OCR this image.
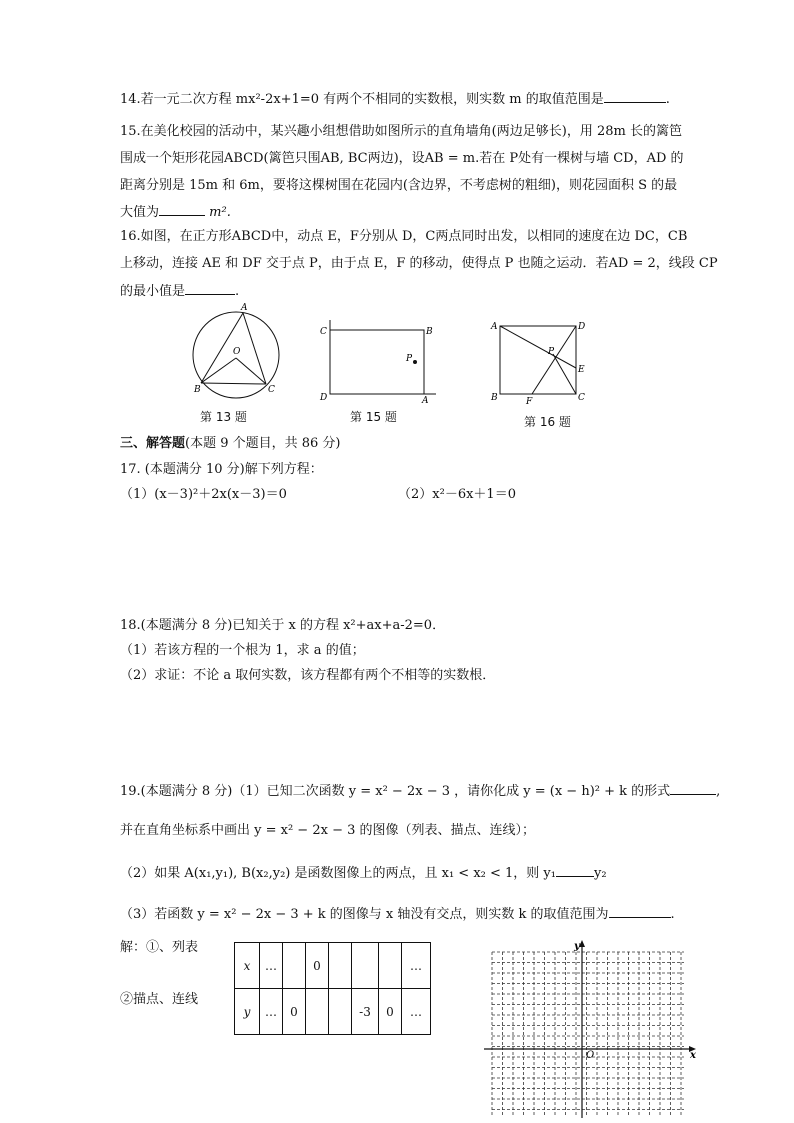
14.若一元二次方程 mx²-2x+1=0 有两个不相同的实数根，则实数 m 的取值范围是	.
15.在美化校园的活动中，某兴趣小组想借助如图所示的直角墙角(两边足够长)，用 28m 长的篱笆
围成一个矩形花园ABCD(篱笆只围AB, BC两边)，设AB = m.若在 P处有一棵树与墙 CD，AD 的
距离分别是 15m 和 6m，要将这棵树围在花园内(含边界，不考虑树的粗细)，则花园面积 S 的最
大值为	m².
16.如图，在正方形ABCD中，动点 E，F分别从 D，C两点同时出发，以相同的速度在边 DC，CB
上移动，连接 AE 和 DF 交于点 P，由于点 E，F 的移动，使得点 P 也随之运动．若AD = 2，线段 CP
的最小值是	.
A
O
B	C
第 13 题
C	B
P
D	A
第 15 题
A	D
P
E
B	F	C
第 16 题
三、解答题(本题 9 个题目，共 86 分)
17. (本题满分 10 分)解下列方程：
（1）(x－3)²＋2x(x－3)＝0	（2）x²－6x＋1＝0
18.(本题满分 8 分)已知关于 x 的方程 x²+ax+a-2=0．
（1）若该方程的一个根为 1，求 a 的值；
（2）求证：不论 a 取何实数，该方程都有两个不相等的实数根．
19.(本题满分 8 分)（1）已知二次函数 y = x² − 2x − 3 ，请你化成 y = (x − h)² + k 的形式	,
并在直角坐标系中画出 y = x² − 2x − 3 的图像（列表、描点、连线）；
（2）如果 A(x₁,y₁), B(x₂,y₂) 是函数图像上的两点，且 x₁ < x₂ < 1，则 y₁	y₂
（3）若函数 y = x² − 2x − 3 + k 的图像与 x 轴没有交点，则实数 k 的取值范围为	.
解：①、列表
②描点、连线
x	…		0				…
y	…	0			-3	0	…
y
x
O
